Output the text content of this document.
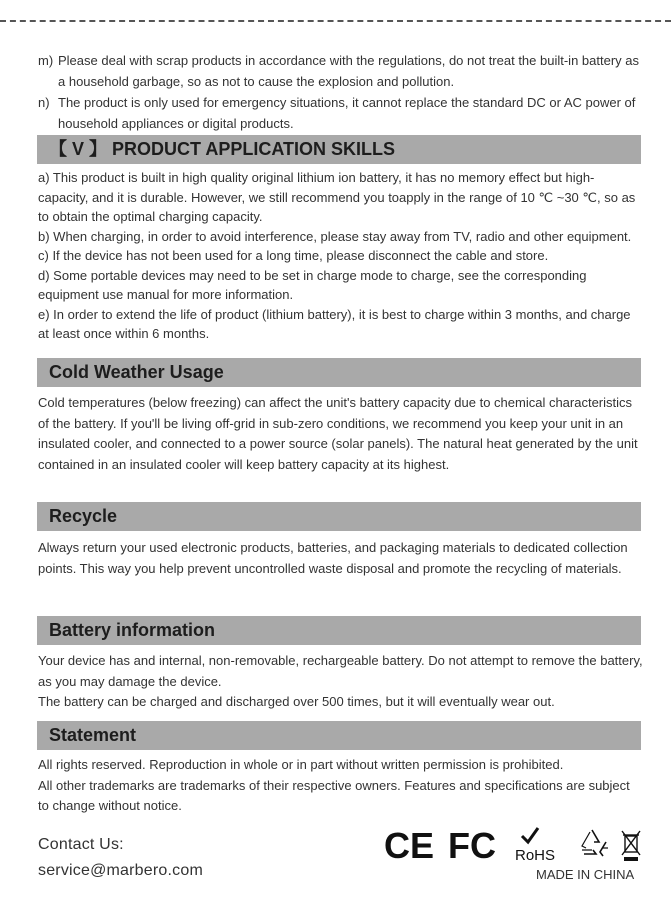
m) Please deal with scrap products in accordance with the regulations, do not treat the built-in battery as a household garbage, so as not to cause the explosion and pollution.
n) The product is only used for emergency situations, it cannot replace the standard DC or AC power of household appliances or digital products.
【 V 】 PRODUCT APPLICATION SKILLS

a) This product is built in high quality original lithium ion battery, it has no memory effect but high-capacity, and it is durable. However, we still recommend you toapply in the range of 10 ℃ ~30 ℃, so as to obtain the optimal charging capacity.

b) When charging, in order to avoid interference, please stay away from TV, radio and other equipment.

c) If the device has not been used for a long time, please disconnect the cable and store.

d) Some portable devices may need to be set in charge mode to charge, see the corresponding equipment use manual for more information.

e) In order to extend the life of product (lithium battery), it is best to charge within 3 months, and charge at least once within 6 months.

Cold Weather Usage

Cold temperatures (below freezing) can affect the unit's battery capacity due to chemical characteristics of the battery. If you'll be living off-grid in sub-zero conditions, we recommend you keep your unit in an insulated cooler, and connected to a power source (solar panels). The natural heat generated by the unit contained in an insulated cooler will keep battery capacity at its highest.

Recycle

Always return your used electronic products, batteries, and packaging materials to dedicated collection points. This way you help prevent uncontrolled waste disposal and promote the recycling of materials.

Battery information

Your device has and internal, non-removable, rechargeable battery. Do not attempt to remove the battery, as you may damage the device.

The battery can be charged and discharged over 500 times, but it will eventually wear out.

Statement

All rights reserved. Reproduction in whole or in part without written permission is prohibited.

All other trademarks are trademarks of their respective owners. Features and specifications are subject to change without notice.

Contact Us:
service@marbero.com
CE FC RoHS
MADE IN CHINA
